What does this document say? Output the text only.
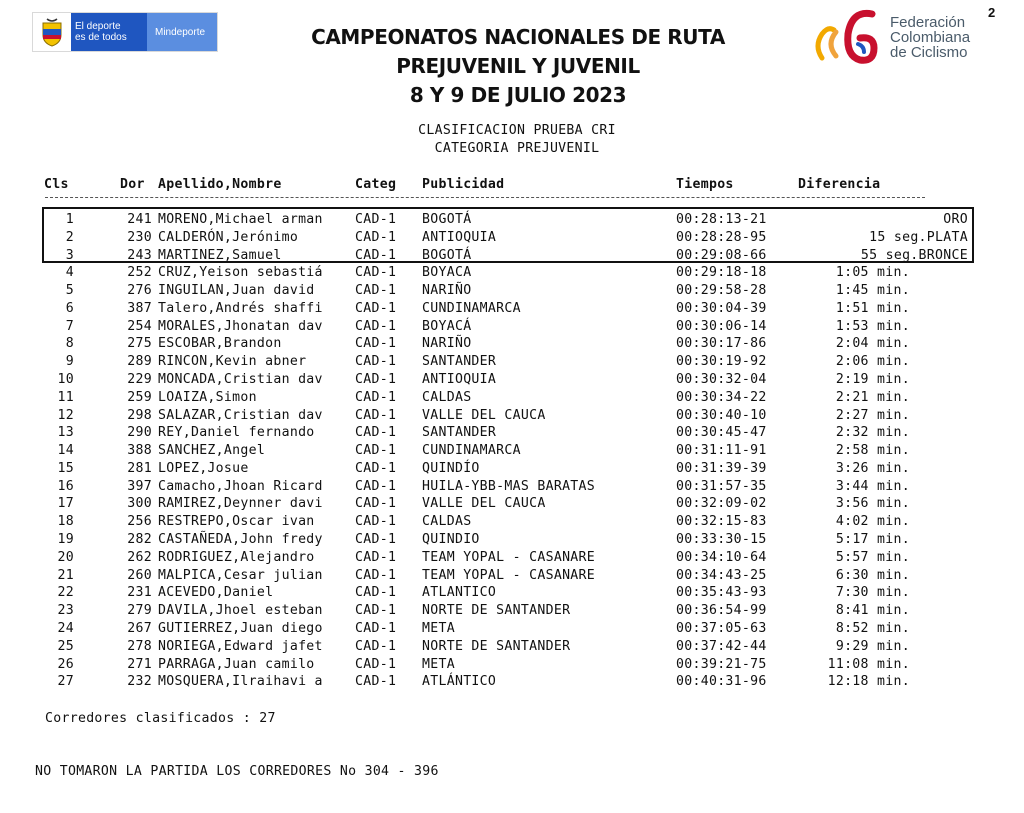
El deporte
es de todos	Mindeporte
Federación
Colombiana
de Ciclismo
2
CAMPEONATOS NACIONALES DE RUTA
PREJUVENIL Y JUVENIL
8 Y 9 DE JULIO 2023
CLASIFICACION PRUEBA CRI
CATEGORIA PREJUVENIL
Cls	Dor Apellido,Nombre	Categ Publicidad	Tiempos	Diferencia
1	241 MORENO,Michael arman CAD-1 BOGOTÁ	00:28:13-21	ORO
2	230 CALDERÓN,Jerónimo	CAD-1 ANTIOQUIA	00:28:28-95	15 seg.PLATA
3	243 MARTINEZ,Samuel	CAD-1 BOGOTÁ	00:29:08-66	55 seg.BRONCE
4	252 CRUZ,Yeison sebastiá CAD-1 BOYACA	00:29:18-18	1:05 min.
5	276 INGUILAN,Juan david	CAD-1 NARIÑO	00:29:58-28	1:45 min.
6	387 Talero,Andrés shaffi CAD-1 CUNDINAMARCA	00:30:04-39	1:51 min.
7	254 MORALES,Jhonatan dav CAD-1 BOYACÁ	00:30:06-14	1:53 min.
8	275 ESCOBAR,Brandon	CAD-1 NARIÑO	00:30:17-86	2:04 min.
9	289 RINCON,Kevin abner	CAD-1 SANTANDER	00:30:19-92	2:06 min.
10	229 MONCADA,Cristian dav CAD-1 ANTIOQUIA	00:30:32-04	2:19 min.
11	259 LOAIZA,Simon	CAD-1 CALDAS	00:30:34-22	2:21 min.
12	298 SALAZAR,Cristian dav CAD-1 VALLE DEL CAUCA	00:30:40-10	2:27 min.
13	290 REY,Daniel fernando	CAD-1 SANTANDER	00:30:45-47	2:32 min.
14	388 SANCHEZ,Angel	CAD-1 CUNDINAMARCA	00:31:11-91	2:58 min.
15	281 LOPEZ,Josue	CAD-1 QUINDÍO	00:31:39-39	3:26 min.
16	397 Camacho,Jhoan Ricard CAD-1 HUILA-YBB-MAS BARATAS	00:31:57-35	3:44 min.
17	300 RAMIREZ,Deynner davi CAD-1 VALLE DEL CAUCA	00:32:09-02	3:56 min.
18	256 RESTREPO,Oscar ivan	CAD-1 CALDAS	00:32:15-83	4:02 min.
19	282 CASTAÑEDA,John fredy CAD-1 QUINDIO	00:33:30-15	5:17 min.
20	262 RODRIGUEZ,Alejandro	CAD-1 TEAM YOPAL - CASANARE	00:34:10-64	5:57 min.
21	260 MALPICA,Cesar julian CAD-1 TEAM YOPAL - CASANARE	00:34:43-25	6:30 min.
22	231 ACEVEDO,Daniel	CAD-1 ATLANTICO	00:35:43-93	7:30 min.
23	279 DAVILA,Jhoel esteban CAD-1 NORTE DE SANTANDER	00:36:54-99	8:41 min.
24	267 GUTIERREZ,Juan diego CAD-1 META	00:37:05-63	8:52 min.
25	278 NORIEGA,Edward jafet CAD-1 NORTE DE SANTANDER	00:37:42-44	9:29 min.
26	271 PARRAGA,Juan camilo	CAD-1 META	00:39:21-75	11:08 min.
27	232 MOSQUERA,Ilraihavi a CAD-1 ATLÁNTICO	00:40:31-96	12:18 min.
Corredores clasificados : 27
NO TOMARON LA PARTIDA LOS CORREDORES No 304 - 396
